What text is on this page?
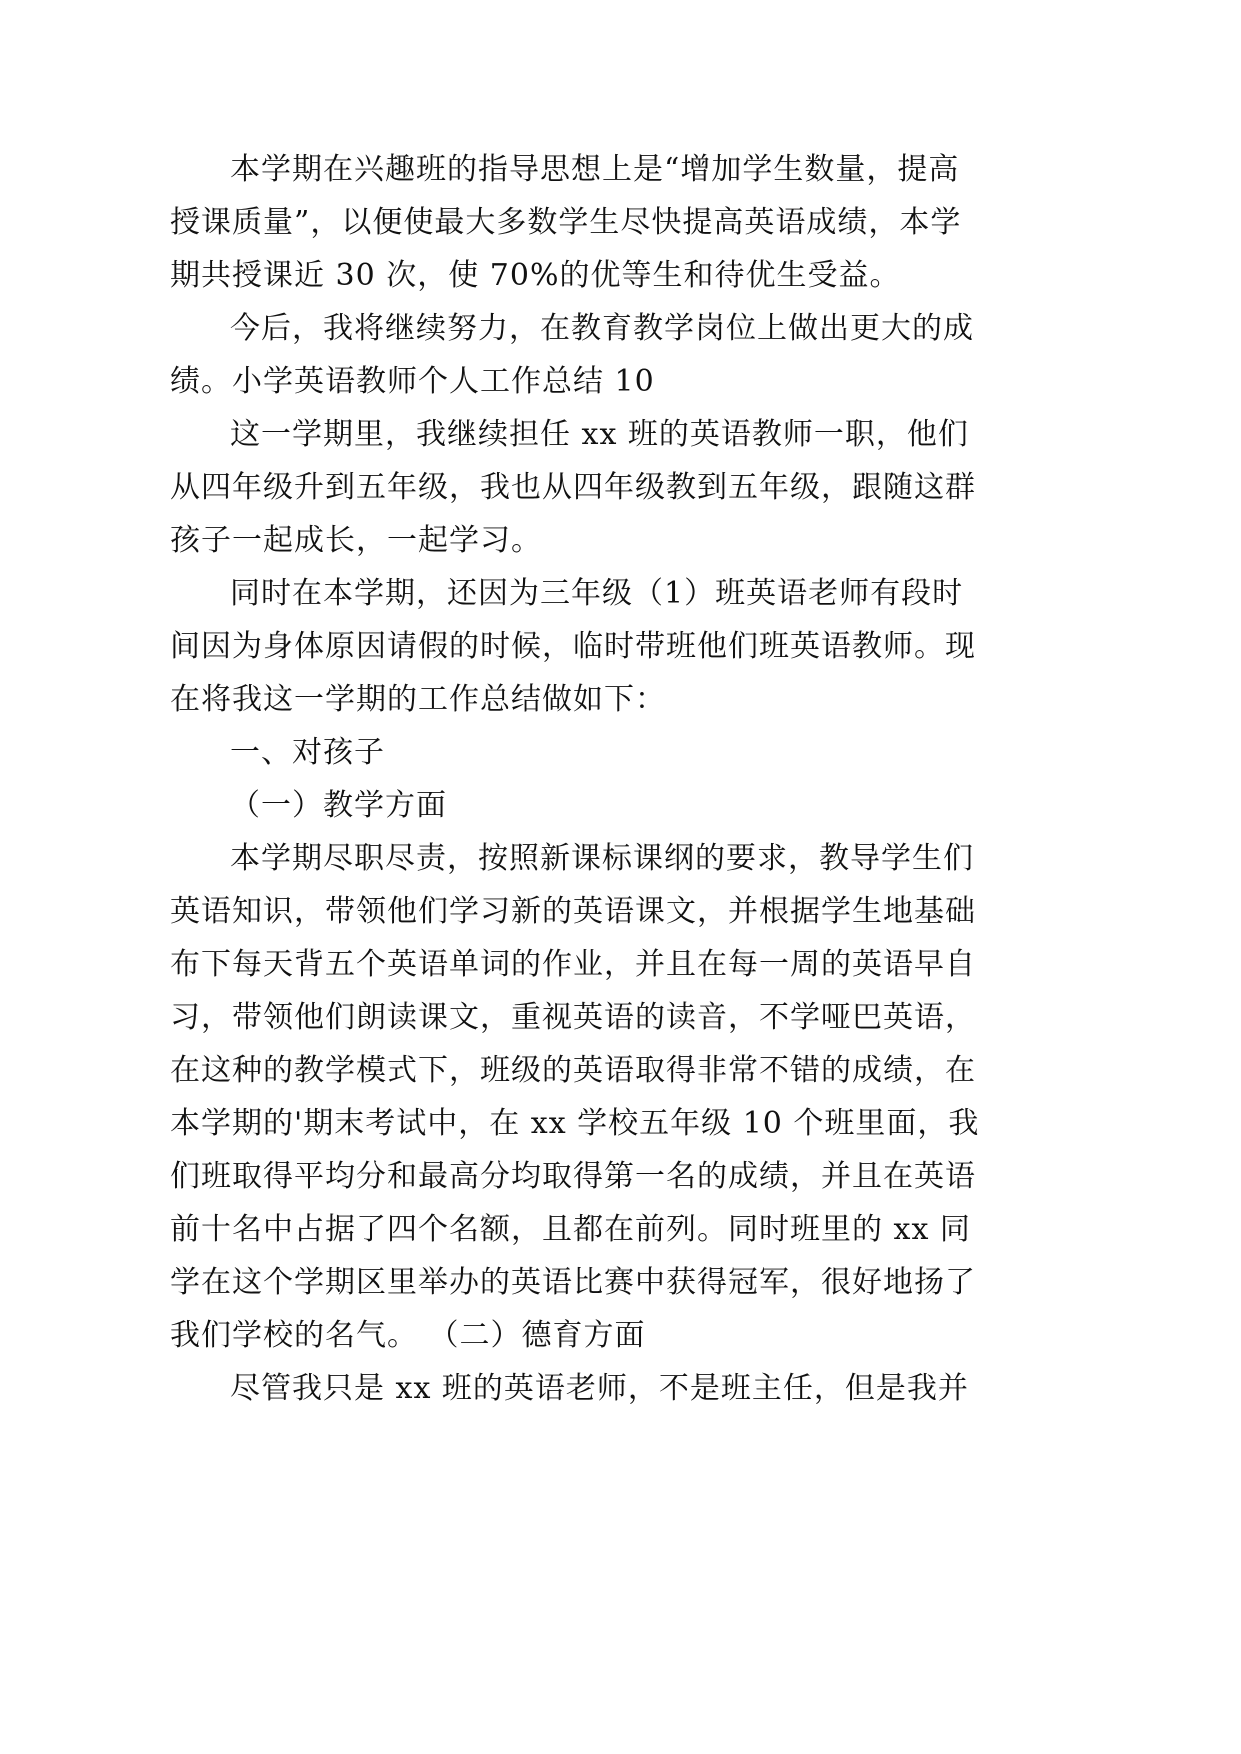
本学期在兴趣班的指导思想上是“增加学生数量，提高
授课质量”，以便使最大多数学生尽快提高英语成绩，本学
期共授课近 30 次，使 70%的优等生和待优生受益。
今后，我将继续努力，在教育教学岗位上做出更大的成
绩。小学英语教师个人工作总结 10
这一学期里，我继续担任 xx 班的英语教师一职，他们
从四年级升到五年级，我也从四年级教到五年级，跟随这群
孩子一起成长，一起学习。
同时在本学期，还因为三年级（1）班英语老师有段时
间因为身体原因请假的时候，临时带班他们班英语教师。现
在将我这一学期的工作总结做如下：
一、对孩子
（一）教学方面
本学期尽职尽责，按照新课标课纲的要求，教导学生们
英语知识，带领他们学习新的英语课文，并根据学生地基础
布下每天背五个英语单词的作业，并且在每一周的英语早自
习，带领他们朗读课文，重视英语的读音，不学哑巴英语，
在这种的教学模式下，班级的英语取得非常不错的成绩，在
本学期的'期末考试中，在 xx 学校五年级 10 个班里面，我
们班取得平均分和最高分均取得第一名的成绩，并且在英语
前十名中占据了四个名额，且都在前列。同时班里的 xx 同
学在这个学期区里举办的英语比赛中获得冠军，很好地扬了
我们学校的名气。 （二）德育方面
尽管我只是 xx 班的英语老师，不是班主任，但是我并
